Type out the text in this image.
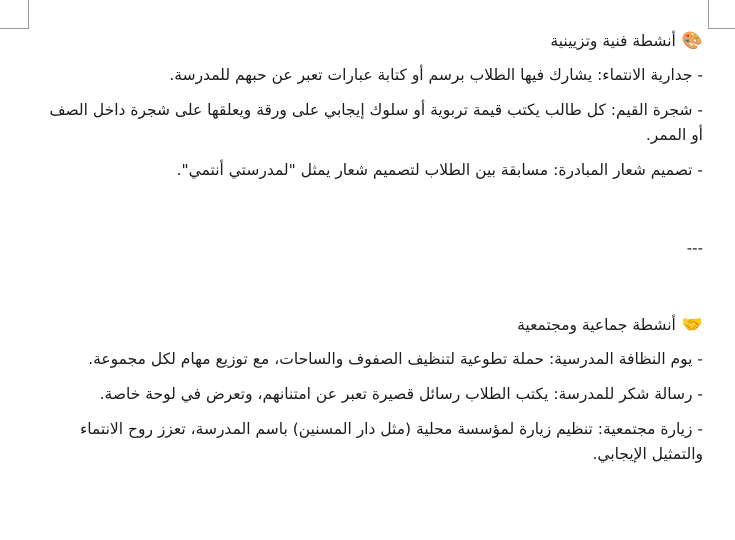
🎨
أنشطة فنية وتزيينية

- جدارية الانتماء: يشارك فيها الطلاب برسم أو كتابة عبارات تعبر عن حبهم للمدرسة.

- شجرة القيم: كل طالب يكتب قيمة تربوية أو سلوك إيجابي على ورقة ويعلقها على شجرة داخل الصف أو الممر.

- تصميم شعار المبادرة: مسابقة بين الطلاب لتصميم شعار يمثل "لمدرستي أنتمي".

---
🤝
أنشطة جماعية ومجتمعية

- يوم النظافة المدرسية: حملة تطوعية لتنظيف الصفوف والساحات، مع توزيع مهام لكل مجموعة.

- رسالة شكر للمدرسة: يكتب الطلاب رسائل قصيرة تعبر عن امتنانهم، وتعرض في لوحة خاصة.

- زيارة مجتمعية: تنظيم زيارة لمؤسسة محلية (مثل دار المسنين) باسم المدرسة، تعزز روح الانتماء والتمثيل الإيجابي.
